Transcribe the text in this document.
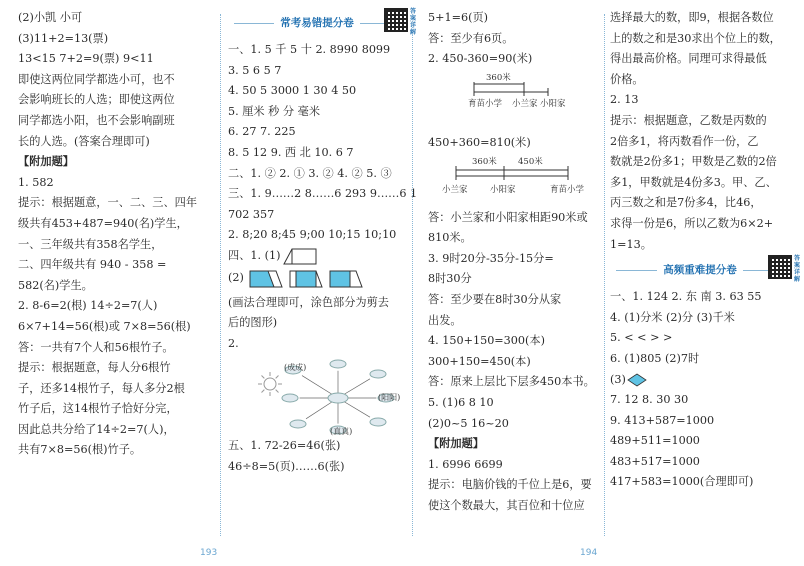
(2)小凯 小可
(3)11+2=13(票)
13<15 7+2=9(票) 9<11
即使这两位同学都选小可，也不
会影响班长的人选；即使这两位
同学都选小阳，也不会影响副班
长的人选。(答案合理即可)
【附加题】
1. 582
提示：根据题意，一、二、三、四年
级共有453+487=940(名)学生，
一、三年级共有358名学生，
二、四年级共有 940 - 358 =
582(名)学生。
2. 8-6=2(根) 14÷2=7(人)
6×7+14=56(根)或 7×8=56(根)
答：一共有7个人和56根竹子。
提示：根据题意，每人分6根竹
子，还多14根竹子，每人多分2根
竹子后，这14根竹子恰好分完，
因此总共分给了14÷2=7(人)，
共有7×8=56(根)竹子。
常考易错提分卷
答案详解
一、1. 5 千 5 十 2. 8990 8099
3. 5 6 5 7
4. 50 5 3000 1 30 4 50
5. 厘米 秒 分 毫米
6. 27 7. 225
8. 5 12 9. 西 北 10. 6 7
二、1. ② 2. ① 3. ② 4. ② 5. ③
三、1. 9……2 8……6 293 9……6 1
702 357
2. 8;20 8;45 9;00 10;15 10;10
四、1. (1)
(2)
(画法合理即可，涂色部分为剪去
后的图形)
2.
(成成)
(阳阳)
(真真)
五、1. 72-26=46(张)
46÷8=5(页)……6(张)
5+1=6(页)
答：至少有6页。
2. 450-360=90(米)
360米
育苗小学 小兰家 小阳家
450+360=810(米)
360米	450米
小兰家	小阳家	育苗小学
答：小兰家和小阳家相距90米或
810米。
3. 9时20分-35分-15分=
8时30分
答：至少要在8时30分从家
出发。
4. 150+150=300(本)
300+150=450(本)
答：原来上层比下层多450本书。
5. (1)6 8 10
(2)0~5 16~20
【附加题】
1. 6996 6699
提示：电脑价钱的千位上是6，要
使这个数最大，其百位和十位应
选择最大的数，即9，根据各数位
上的数之和是30求出个位上的数，
得出最高价格。同理可求得最低
价格。
2. 13
提示：根据题意，乙数是丙数的
2倍多1，将丙数看作一份，乙
数就是2份多1；甲数是乙数的2倍
多1，甲数就是4份多3。甲、乙、
丙三数之和是7份多4，比46，
求得一份是6，所以乙数为6×2+
1=13。
高频重难提分卷
答案详解
一、1. 124 2. 东 南 3. 63 55
4. (1)分米 (2)分 (3)千米
5. < < > >
6. (1)805 (2)7时
(3)
7. 12 8. 30 30
9. 413+587=1000
489+511=1000
483+517=1000
417+583=1000(合理即可)
193	194
